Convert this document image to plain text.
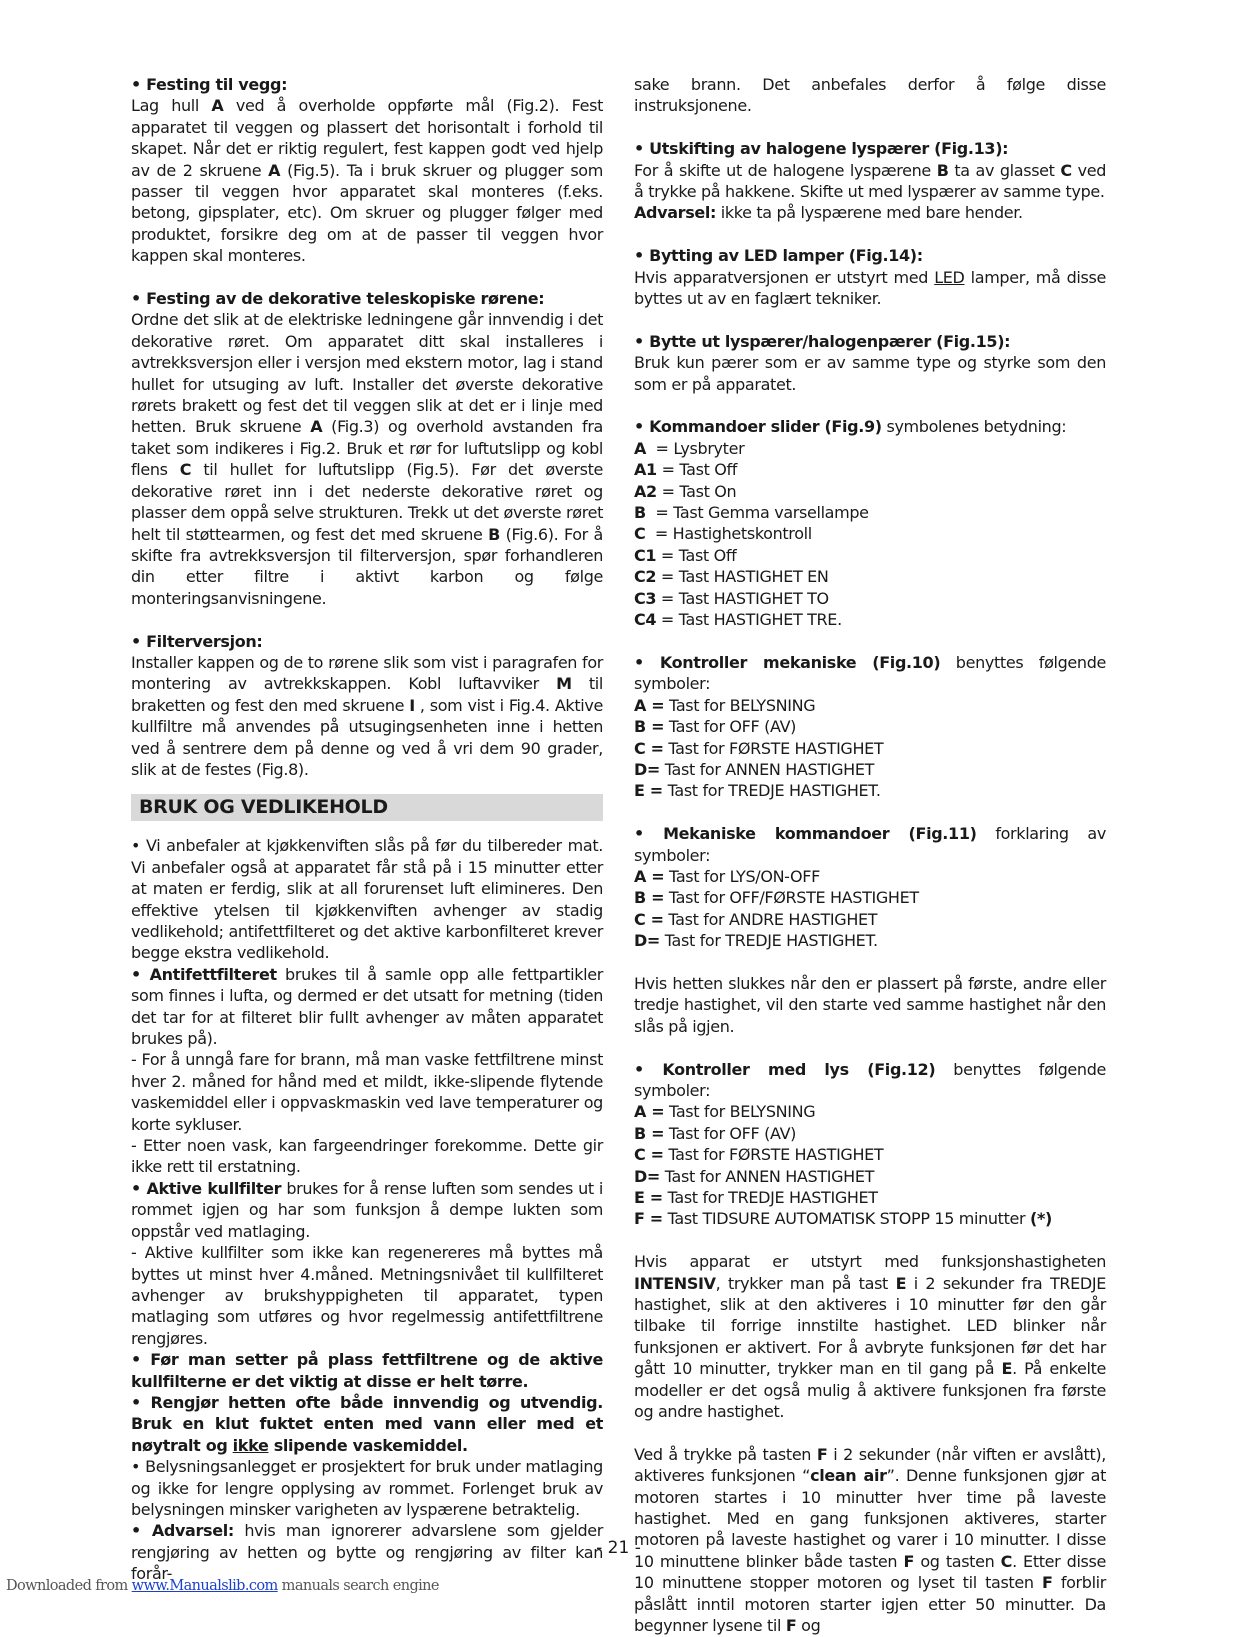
• Festing til vegg:

Lag hull A ved å overholde oppførte mål (Fig.2). Fest apparatet til veggen og plassert det horisontalt i forhold til skapet. Når det er riktig regulert, fest kappen godt ved hjelp av de 2 skruene A (Fig.5). Ta i bruk skruer og plugger som passer til veggen hvor apparatet skal monteres (f.eks. betong, gipsplater, etc). Om skruer og plugger følger med produktet, forsikre deg om at de passer til veggen hvor kappen skal monteres.

• Festing av de dekorative teleskopiske rørene:

Ordne det slik at de elektriske ledningene går innvendig i det dekorative røret. Om apparatet ditt skal installeres i avtrekksversjon eller i versjon med ekstern motor, lag i stand hullet for utsuging av luft. Installer det øverste dekorative rørets brakett og fest det til veggen slik at det er i linje med hetten. Bruk skruene A (Fig.3) og overhold avstanden fra taket som indikeres i Fig.2. Bruk et rør for luftutslipp og kobl flens C til hullet for luftutslipp (Fig.5). Før det øverste dekorative røret inn i det nederste dekorative røret og plasser dem oppå selve strukturen. Trekk ut det øverste røret helt til støttearmen, og fest det med skruene B (Fig.6). For å skifte fra avtrekksversjon til filterversjon, spør forhandleren din etter filtre i aktivt karbon og følge monteringsanvisningene.

• Filterversjon:

Installer kappen og de to rørene slik som vist i paragrafen for montering av avtrekkskappen. Kobl luftavviker M til braketten og fest den med skruene I , som vist i Fig.4. Aktive kullfiltre må anvendes på utsugingsenheten inne i hetten ved å sentrere dem på denne og ved å vri dem 90 grader, slik at de festes (Fig.8).

BRUK OG VEDLIKEHOLD

• Vi anbefaler at kjøkkenviften slås på før du tilbereder mat. Vi anbefaler også at apparatet får stå på i 15 minutter etter at maten er ferdig, slik at all forurenset luft elimineres. Den effektive ytelsen til kjøkkenviften avhenger av stadig vedlikehold; antifettfilteret og det aktive karbonfilteret krever begge ekstra vedlikehold.

• Antifettfilteret brukes til å samle opp alle fettpartikler som finnes i lufta, og dermed er det utsatt for metning (tiden det tar for at filteret blir fullt avhenger av måten apparatet brukes på).

- For å unngå fare for brann, må man vaske fettfiltrene minst hver 2. måned for hånd med et mildt, ikke-slipende flytende vaskemiddel eller i oppvaskmaskin ved lave temperaturer og korte sykluser.

- Etter noen vask, kan fargeendringer forekomme. Dette gir ikke rett til erstatning.

• Aktive kullfilter brukes for å rense luften som sendes ut i rommet igjen og har som funksjon å dempe lukten som oppstår ved matlaging.

- Aktive kullfilter som ikke kan regenereres må byttes må byttes ut minst hver 4.måned. Metningsnivået til kullfilteret avhenger av brukshyppigheten til apparatet, typen matlaging som utføres og hvor regelmessig antifettfiltrene rengjøres.

• Før man setter på plass fettfiltrene og de aktive kullfilterne er det viktig at disse er helt tørre.

• Rengjør hetten ofte både innvendig og utvendig. Bruk en klut fuktet enten med vann eller med et nøytralt og ikke slipende vaskemiddel.

• Belysningsanlegget er prosjektert for bruk under matlaging og ikke for lengre opplysing av rommet. Forlenget bruk av belysningen minsker varigheten av lyspærene betraktelig.

• Advarsel: hvis man ignorerer advarslene som gjelder rengjøring av hetten og bytte og rengjøring av filter kan forår-

sake brann. Det anbefales derfor å følge disse instruksjonene.

• Utskifting av halogene lyspærer (Fig.13):

For å skifte ut de halogene lyspærene B ta av glasset C ved å trykke på hakkene. Skifte ut med lyspærer av samme type.

Advarsel: ikke ta på lyspærene med bare hender.

• Bytting av LED lamper (Fig.14):

Hvis apparatversjonen er utstyrt med LED lamper, må disse byttes ut av en faglært tekniker.

• Bytte ut lyspærer/halogenpærer (Fig.15):

Bruk kun pærer som er av samme type og styrke som den som er på apparatet.

• Kommandoer slider (Fig.9) symbolenes betydning:

A  = Lysbryter
A1 = Tast Off
A2 = Tast On
B  = Tast Gemma varsellampe
C  = Hastighetskontroll
C1 = Tast Off
C2 = Tast HASTIGHET EN
C3 = Tast HASTIGHET TO
C4 = Tast HASTIGHET TRE.

• Kontroller mekaniske (Fig.10) benyttes følgende symboler:

A = Tast for BELYSNING
B = Tast for OFF (AV)
C = Tast for FØRSTE HASTIGHET
D= Tast for ANNEN HASTIGHET
E = Tast for TREDJE HASTIGHET.

• Mekaniske kommandoer (Fig.11) forklaring av symboler:

A = Tast for LYS/ON-OFF
B = Tast for OFF/FØRSTE HASTIGHET
C = Tast for ANDRE HASTIGHET
D= Tast for TREDJE HASTIGHET.

Hvis hetten slukkes når den er plassert på første, andre eller tredje hastighet, vil den starte ved samme hastighet når den slås på igjen.

• Kontroller med lys (Fig.12) benyttes følgende symboler:

A = Tast for BELYSNING
B = Tast for OFF (AV)
C = Tast for FØRSTE HASTIGHET
D= Tast for ANNEN HASTIGHET
E = Tast for TREDJE HASTIGHET
F = Tast TIDSURE AUTOMATISK STOPP 15 minutter (*)

Hvis apparat er utstyrt med funksjonshastigheten INTENSIV, trykker man på tast E i 2 sekunder fra TREDJE hastighet, slik at den aktiveres i 10 minutter før den går tilbake til forrige innstilte hastighet. LED blinker når funksjonen er aktivert. For å avbryte funksjonen før det har gått 10 minutter, trykker man en til gang på E. På enkelte modeller er det også mulig å aktivere funksjonen fra første og andre hastighet.

Ved å trykke på tasten F i 2 sekunder (når viften er avslått), aktiveres funksjonen “clean air”. Denne funksjonen gjør at motoren startes i 10 minutter hver time på laveste hastighet. Med en gang funksjonen aktiveres, starter motoren på laveste hastighet og varer i 10 minutter. I disse 10 minuttene blinker både tasten F og tasten C. Etter disse 10 minuttene stopper motoren og lyset til tasten F forblir påslått inntil motoren starter igjen etter 50 minutter. Da begynner lysene til F og

- 21 -
Downloaded from www.Manualslib.com manuals search engine
